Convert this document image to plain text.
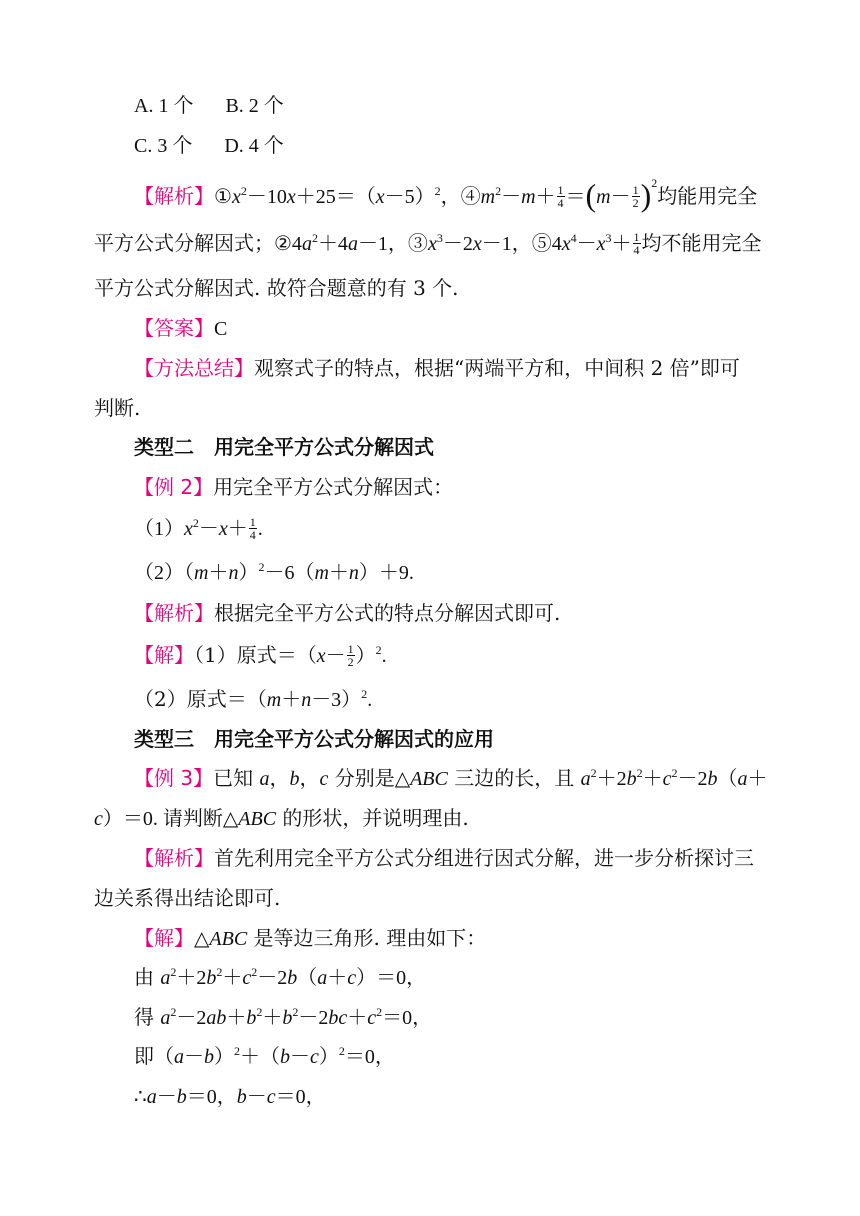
A. 1 个 B. 2 个
C. 3 个 D. 4 个
【解析】$①x^2-10x+25=(x-5)^2$，$④m^2-m+ \frac{1}{4} =(m- \frac{1}{2} )^2$均能用完全
平方公式分解因式；$②4a^2+4a-1$，$③x^3-2x-1$，$⑤4x^4-x^3+ \frac{1}{4}$ 均不能用完全
平方公式分解因式. 故符合题意的有 3 个.
【答案】C
【方法总结】观察式子的特点，根据“两端平方和，中间积 2 倍”即可
判断.
类型二　用完全平方公式分解因式
【例 2】用完全平方公式分解因式：
$(1)x^2-x+ \frac{1}{4}$ .
$(2)(m+n)^2-6(m+n)+9$.
【解析】根据完全平方公式的特点分解因式即可.
【解】（1）原式$=(x- \frac{1}{2} )^2$.
（2）原式$=(m+n-3)^2$.
类型三　用完全平方公式分解因式的应用
【例 3】已知 a，b，c 分别是△ABC 三边的长，且 $a^2+2b^2+c^2-2b(a+$
c）＝0. 请判断△ABC 的形状，并说明理由.
【解析】首先利用完全平方公式分组进行因式分解，进一步分析探讨三
边关系得出结论即可.
【解】△ABC 是等边三角形. 理由如下：
由 $a^2+2b^2+c^2-2b(a+c)=0$，
得 $a^2-2ab+b^2+b^2-2bc+c^2=0$，
即$(a-b)^2+(b-c)^2=0$，
∴a－b＝0，b－c＝0，
